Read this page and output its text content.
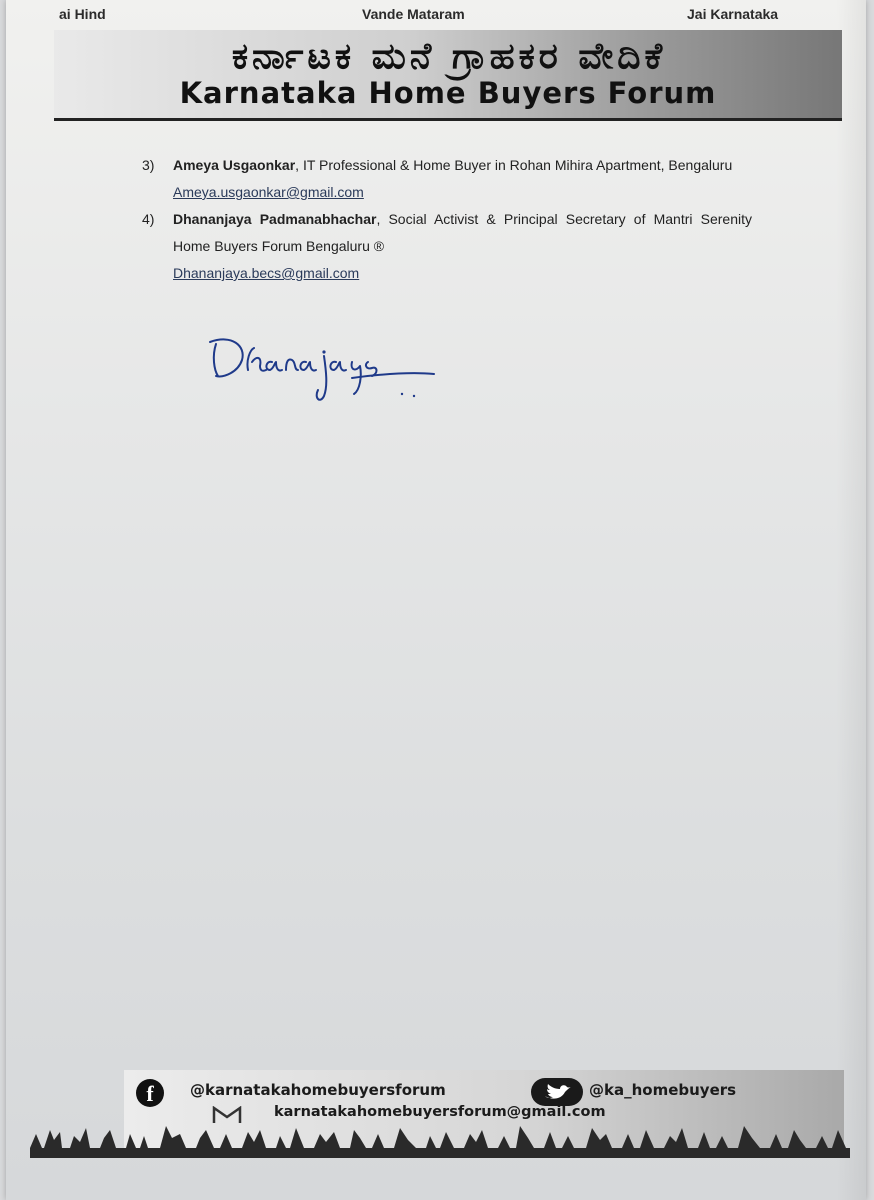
ai Hind	Vande Mataram	Jai Karnataka
ಕರ್ನಾಟಕ ಮನೆ ಗ್ರಾಹಕರ ವೇದಿಕೆ
Karnataka Home Buyers Forum
3) Ameya Usgaonkar, IT Professional & Home Buyer in Rohan Mihira Apartment, Bengaluru
Ameya.usgaonkar@gmail.com
4) Dhananjaya Padmanabhachar, Social Activist & Principal Secretary of Mantri Serenity Home Buyers Forum Bengaluru ®
Dhananjaya.becs@gmail.com
f	@karnatakahomebuyersforum	@ka_homebuyers
karnatakahomebuyersforum@gmail.com
